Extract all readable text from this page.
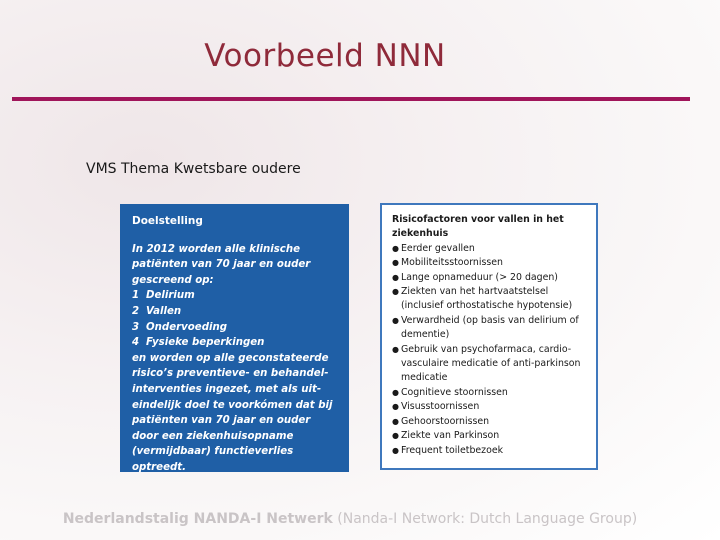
Voorbeeld NNN
VMS Thema Kwetsbare oudere
Doelstelling
In 2012 worden alle klinische patiënten van 70 jaar en ouder gescreend op:
1 Delirium
2 Vallen
3 Ondervoeding
4 Fysieke beperkingen
en worden op alle geconstateerde risico’s preventieve- en behandel-interventies ingezet, met als uit-eindelijk doel te voorkómen dat bij patiënten van 70 jaar en ouder door een ziekenhuisopname (vermijdbaar) functieverlies optreedt.
Risicofactoren voor vallen in het ziekenhuis
● Eerder gevallen
● Mobiliteitsstoornissen
● Lange opnameduur (> 20 dagen)
● Ziekten van het hartvaatstelsel (inclusief orthostatische hypotensie)
● Verwardheid (op basis van delirium of dementie)
● Gebruik van psychofarmaca, cardio-vasculaire medicatie of anti-parkinson medicatie
● Cognitieve stoornissen
● Visusstoornissen
● Gehoorstoornissen
● Ziekte van Parkinson
● Frequent toiletbezoek
Nederlandstalig NANDA-I Netwerk (Nanda-I Network: Dutch Language Group)
